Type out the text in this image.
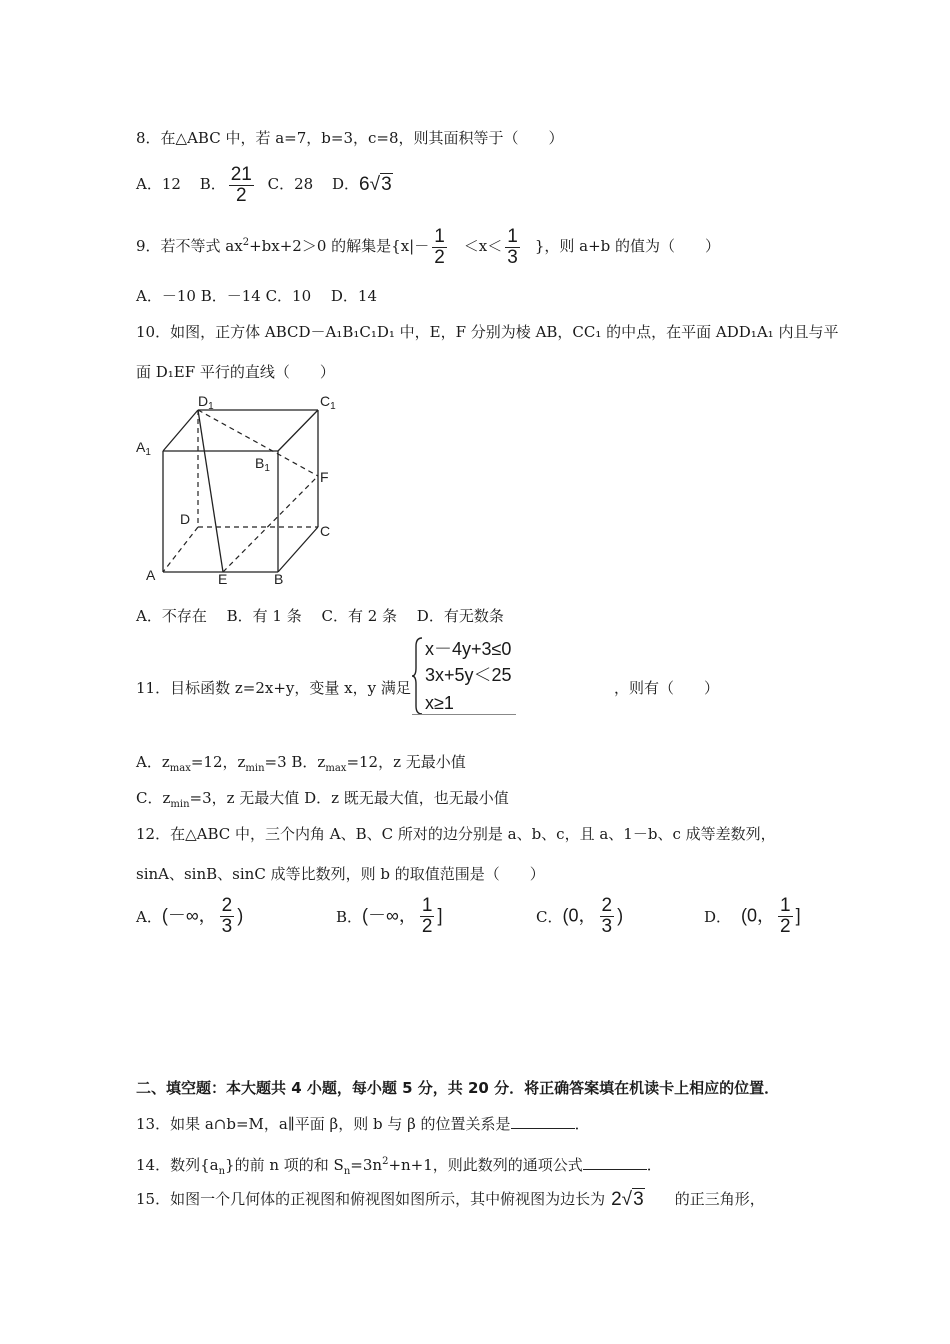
8．在△ABC 中，若 a=7，b=3，c=8，则其面积等于（　　）
A．12 B． $\frac{21}{2}$ C．28 D．6√3
9．若不等式 $ax^2+bx+2>0$ 的解集是{$x|- \frac{1}{2} <x< \frac{1}{3}$ }，则 a+b 的值为（　　）
A．－10 B．－14 C．10　 D．14
10．如图，正方体 ABCD－A₁B₁C₁D₁ 中，E，F 分别为棱 AB，CC₁ 的中点，在平面 ADD₁A₁ 内且与平
面 D₁EF 平行的直线（　　）
$D_1$	$C_1$
$A_1$
$B_1$
F
D
C
A	E	B
A．不存在　 B．有 1 条　 C．有 2 条　 D．有无数条
11．目标函数 z=2x+y，变量 x，y 满足
x－4y+3≤0
3x+5y＜25
x≥1
，则有（　　）
A．$z_{max}=12$，$z_{min}=3$ B．$z_{max}=12$，z 无最小值
C．$z_{min}=3$，z 无最大值 D．z 既无最大值，也无最小值
12．在△ABC 中，三个内角 A、B、C 所对的边分别是 a、b、c，且 a、1－b、c 成等差数列，
sinA、sinB、sinC 成等比数列，则 b 的取值范围是（　　）
A．(－∞， $\frac{2}{3}$ )	B．(－∞， $\frac{1}{2}$ ]	C．(0， $\frac{2}{3}$ )	D． (0， $\frac{1}{2}$ ]
二、填空题：本大题共 4 小题，每小题 5 分，共 20 分．将正确答案填在机读卡上相应的位置．
13．如果 a∩b=M，a∥平面 β，则 b 与 β 的位置关系是	．
14．数列$\{a_n\}$的前 n 项的和 $S_n=3n^2+n+1$，则此数列的通项公式	．
15．如图一个几何体的正视图和俯视图如图所示，其中俯视图为边长为 2√3 的正三角形，
